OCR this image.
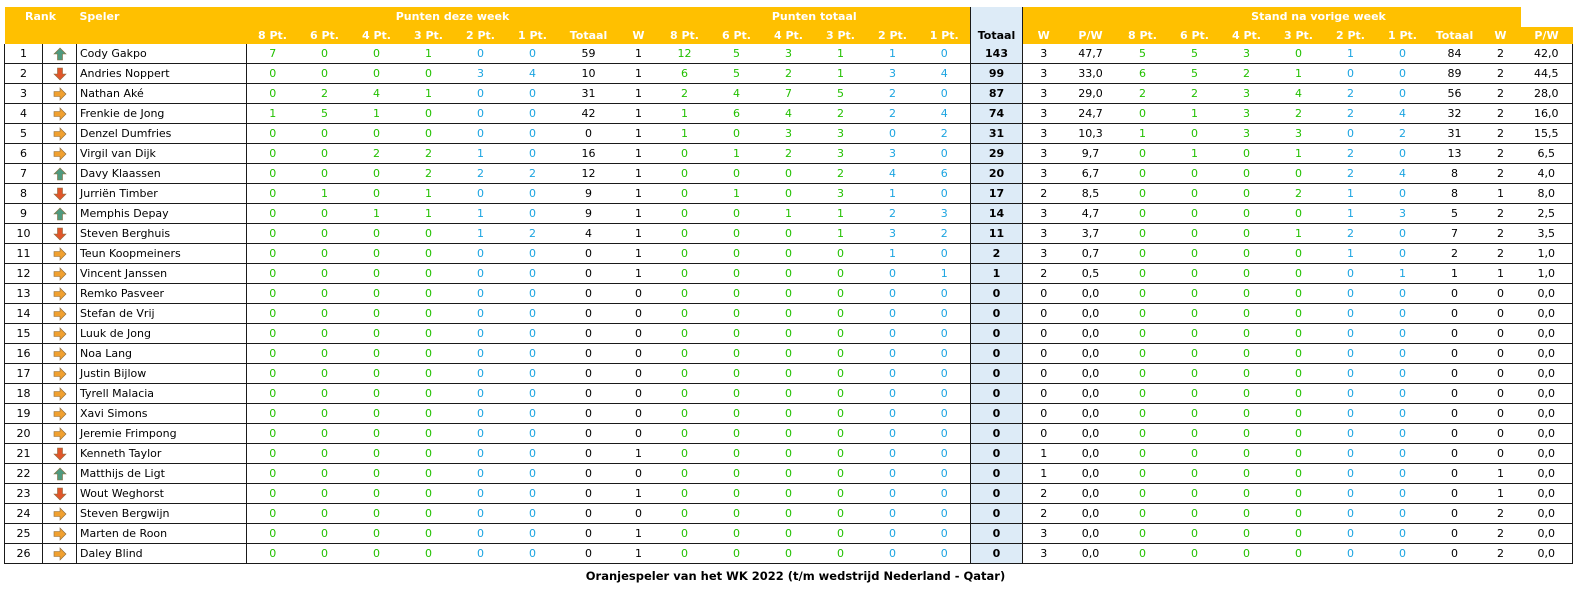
Rank		Speler	Punten deze week								Punten totaal									Stand na vorige week								
			8 Pt.	6 Pt.	4 Pt.	3 Pt.	2 Pt.	1 Pt.	Totaal	W	8 Pt.	6 Pt.	4 Pt.	3 Pt.	2 Pt.	1 Pt.	Totaal	W	P/W	8 Pt.	6 Pt.	4 Pt.	3 Pt.	2 Pt.	1 Pt.	Totaal	W	P/W
1		Cody Gakpo	7	0	0	1	0	0	59	1	12	5	3	1	1	0	143	3	47,7	5	5	3	0	1	0	84	2	42,0
2		Andries Noppert	0	0	0	0	3	4	10	1	6	5	2	1	3	4	99	3	33,0	6	5	2	1	0	0	89	2	44,5
3		Nathan Aké	0	2	4	1	0	0	31	1	2	4	7	5	2	0	87	3	29,0	2	2	3	4	2	0	56	2	28,0
4		Frenkie de Jong	1	5	1	0	0	0	42	1	1	6	4	2	2	4	74	3	24,7	0	1	3	2	2	4	32	2	16,0
5		Denzel Dumfries	0	0	0	0	0	0	0	1	1	0	3	3	0	2	31	3	10,3	1	0	3	3	0	2	31	2	15,5
6		Virgil van Dijk	0	0	2	2	1	0	16	1	0	1	2	3	3	0	29	3	9,7	0	1	0	1	2	0	13	2	6,5
7		Davy Klaassen	0	0	0	2	2	2	12	1	0	0	0	2	4	6	20	3	6,7	0	0	0	0	2	4	8	2	4,0
8		Jurriën Timber	0	1	0	1	0	0	9	1	0	1	0	3	1	0	17	2	8,5	0	0	0	2	1	0	8	1	8,0
9		Memphis Depay	0	0	1	1	1	0	9	1	0	0	1	1	2	3	14	3	4,7	0	0	0	0	1	3	5	2	2,5
10		Steven Berghuis	0	0	0	0	1	2	4	1	0	0	0	1	3	2	11	3	3,7	0	0	0	1	2	0	7	2	3,5
11		Teun Koopmeiners	0	0	0	0	0	0	0	1	0	0	0	0	1	0	2	3	0,7	0	0	0	0	1	0	2	2	1,0
12		Vincent Janssen	0	0	0	0	0	0	0	1	0	0	0	0	0	1	1	2	0,5	0	0	0	0	0	1	1	1	1,0
13		Remko Pasveer	0	0	0	0	0	0	0	0	0	0	0	0	0	0	0	0	0,0	0	0	0	0	0	0	0	0	0,0
14		Stefan de Vrij	0	0	0	0	0	0	0	0	0	0	0	0	0	0	0	0	0,0	0	0	0	0	0	0	0	0	0,0
15		Luuk de Jong	0	0	0	0	0	0	0	0	0	0	0	0	0	0	0	0	0,0	0	0	0	0	0	0	0	0	0,0
16		Noa Lang	0	0	0	0	0	0	0	0	0	0	0	0	0	0	0	0	0,0	0	0	0	0	0	0	0	0	0,0
17		Justin Bijlow	0	0	0	0	0	0	0	0	0	0	0	0	0	0	0	0	0,0	0	0	0	0	0	0	0	0	0,0
18		Tyrell Malacia	0	0	0	0	0	0	0	0	0	0	0	0	0	0	0	0	0,0	0	0	0	0	0	0	0	0	0,0
19		Xavi Simons	0	0	0	0	0	0	0	0	0	0	0	0	0	0	0	0	0,0	0	0	0	0	0	0	0	0	0,0
20		Jeremie Frimpong	0	0	0	0	0	0	0	0	0	0	0	0	0	0	0	0	0,0	0	0	0	0	0	0	0	0	0,0
21		Kenneth Taylor	0	0	0	0	0	0	0	1	0	0	0	0	0	0	0	1	0,0	0	0	0	0	0	0	0	0	0,0
22		Matthijs de Ligt	0	0	0	0	0	0	0	0	0	0	0	0	0	0	0	1	0,0	0	0	0	0	0	0	0	1	0,0
23		Wout Weghorst	0	0	0	0	0	0	0	1	0	0	0	0	0	0	0	2	0,0	0	0	0	0	0	0	0	1	0,0
24		Steven Bergwijn	0	0	0	0	0	0	0	0	0	0	0	0	0	0	0	2	0,0	0	0	0	0	0	0	0	2	0,0
25		Marten de Roon	0	0	0	0	0	0	0	1	0	0	0	0	0	0	0	3	0,0	0	0	0	0	0	0	0	2	0,0
26		Daley Blind	0	0	0	0	0	0	0	1	0	0	0	0	0	0	0	3	0,0	0	0	0	0	0	0	0	2	0,0
Oranjespeler van het WK 2022 (t/m wedstrijd Nederland - Qatar)
